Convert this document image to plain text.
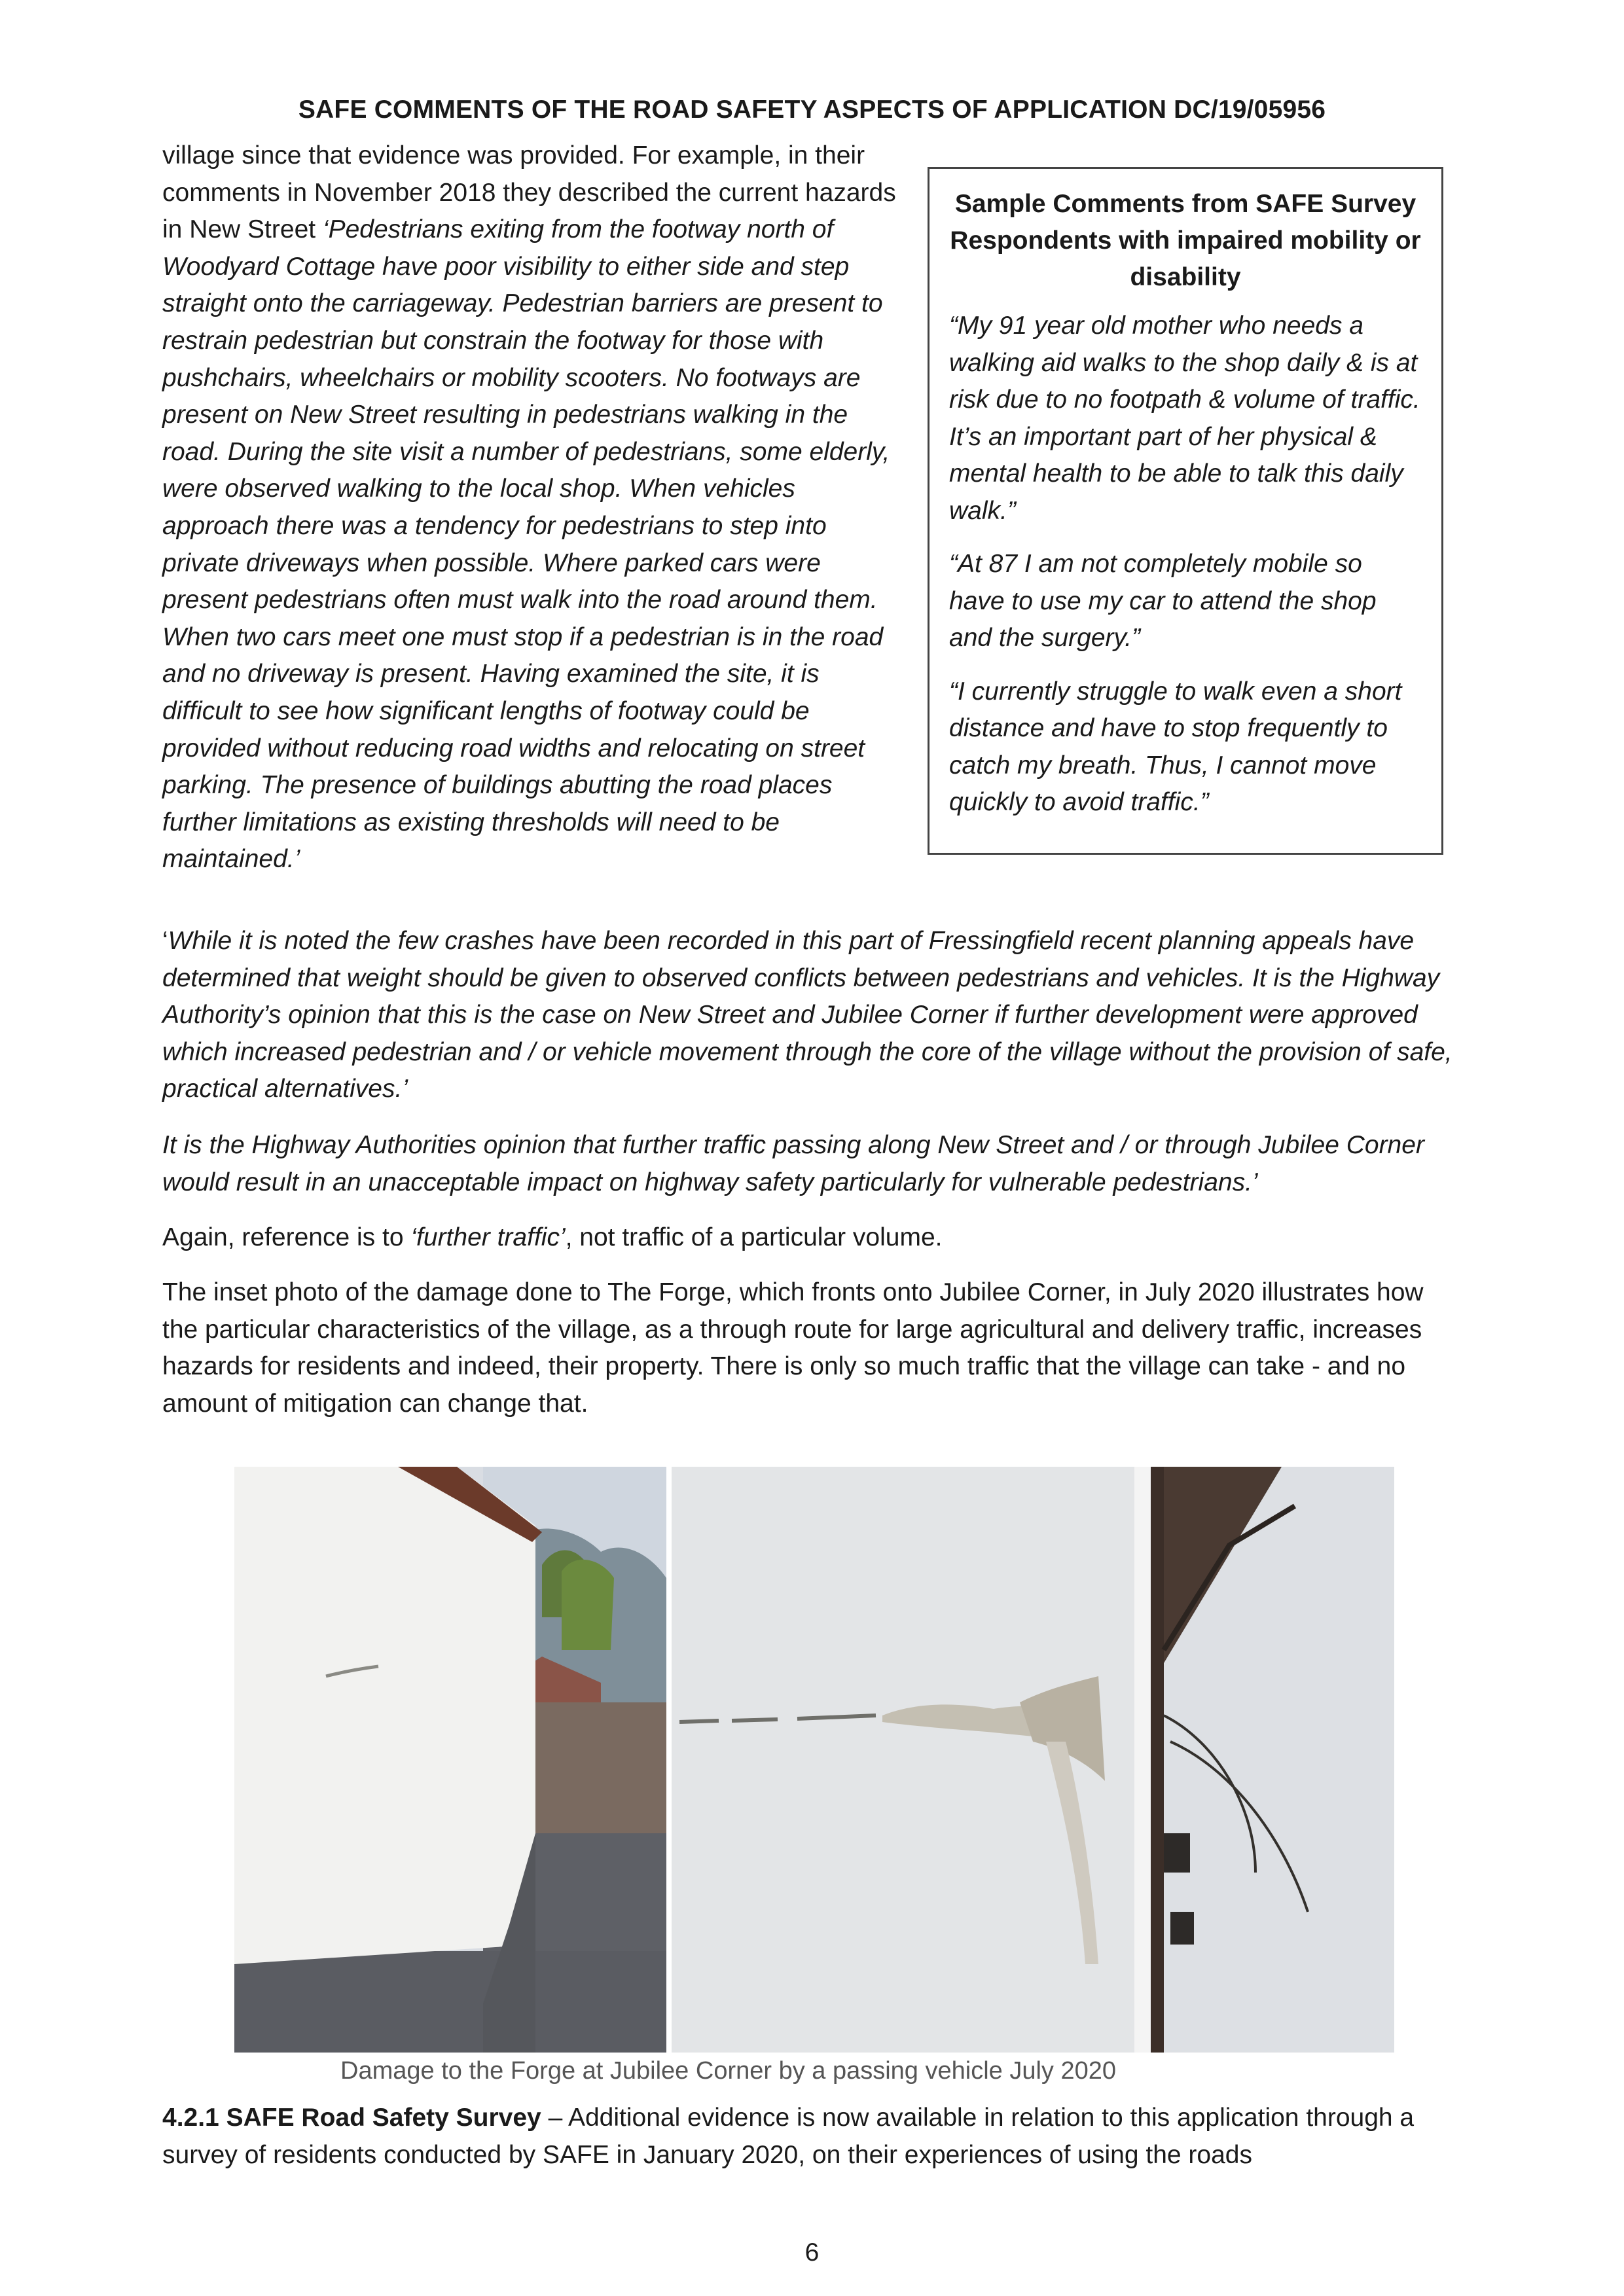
SAFE COMMENTS OF THE ROAD SAFETY ASPECTS OF APPLICATION DC/19/05956
village since that evidence was provided. For example, in their comments in November 2018 they described the current hazards in New Street ‘Pedestrians exiting from the footway north of Woodyard Cottage have poor visibility to either side and step straight onto the carriageway. Pedestrian barriers are present to restrain pedestrian but constrain the footway for those with pushchairs, wheelchairs or mobility scooters. No footways are present on New Street resulting in pedestrians walking in the road. During the site visit a number of pedestrians, some elderly, were observed walking to the local shop. When vehicles approach there was a tendency for pedestrians to step into private driveways when possible. Where parked cars were present pedestrians often must walk into the road around them. When two cars meet one must stop if a pedestrian is in the road and no driveway is present. Having examined the site, it is difficult to see how significant lengths of footway could be provided without reducing road widths and relocating on street parking. The presence of buildings abutting the road places further limitations as existing thresholds will need to be maintained.’
Sample Comments from SAFE Survey Respondents with impaired mobility or disability

“My 91 year old mother who needs a walking aid walks to the shop daily & is at risk due to no footpath & volume of traffic. It’s an important part of her physical & mental health to be able to talk this daily walk.”

“At 87 I am not completely mobile so have to use my car to attend the shop and the surgery.”

“I currently struggle to walk even a short distance and have to stop frequently to catch my breath. Thus, I cannot move quickly to avoid traffic.”

‘While it is noted the few crashes have been recorded in this part of Fressingfield recent planning appeals have determined that weight should be given to observed conflicts between pedestrians and vehicles. It is the Highway Authority’s opinion that this is the case on New Street and Jubilee Corner if further development were approved which increased pedestrian and / or vehicle movement through the core of the village without the provision of safe, practical alternatives.’
It is the Highway Authorities opinion that further traffic passing along New Street and / or through Jubilee Corner would result in an unacceptable impact on highway safety particularly for vulnerable pedestrians.’
Again, reference is to ‘further traffic’, not traffic of a particular volume.
The inset photo of the damage done to The Forge, which fronts onto Jubilee Corner, in July 2020 illustrates how the particular characteristics of the village, as a through route for large agricultural and delivery traffic, increases hazards for residents and indeed, their property. There is only so much traffic that the village can take - and no amount of mitigation can change that.
Damage to the Forge at Jubilee Corner by a passing vehicle July 2020
4.2.1 SAFE Road Safety Survey – Additional evidence is now available in relation to this application through a survey of residents conducted by SAFE in January 2020, on their experiences of using the roads
6
